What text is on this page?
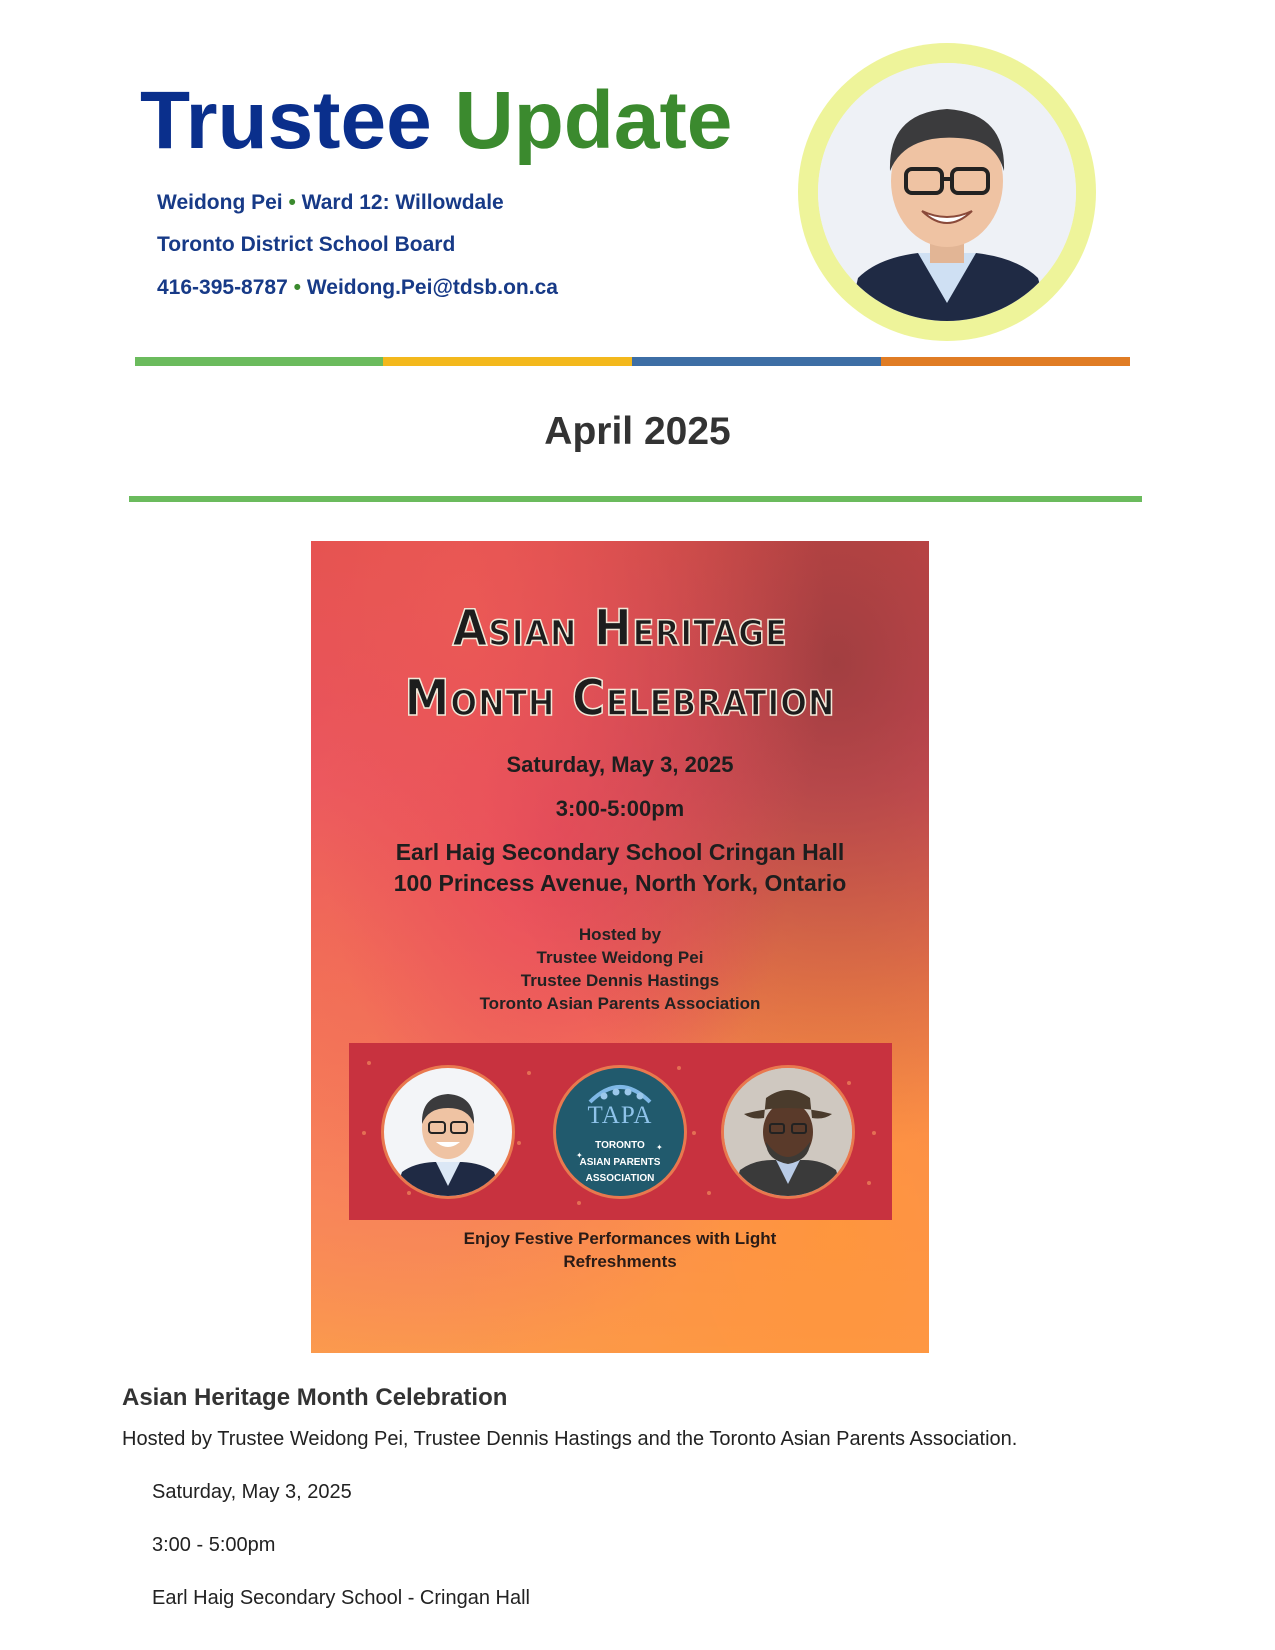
Trustee Update
Weidong Pei • Ward 12: Willowdale
Toronto District School Board
416-395-8787 • Weidong.Pei@tdsb.on.ca
April 2025
Asian Heritage
Month Celebration
Saturday, May 3, 2025
3:00-5:00pm
Earl Haig Secondary School Cringan Hall
100 Princess Avenue, North York, Ontario
Hosted by
Trustee Weidong Pei
Trustee Dennis Hastings
Toronto Asian Parents Association
✦
✦
TAPA
TORONTO
ASIAN PARENTS
ASSOCIATION
Enjoy Festive Performances with Light
Refreshments
Asian Heritage Month Celebration
Hosted by Trustee Weidong Pei, Trustee Dennis Hastings and the Toronto Asian Parents Association.
Saturday, May 3, 2025
3:00 - 5:00pm
Earl Haig Secondary School - Cringan Hall
